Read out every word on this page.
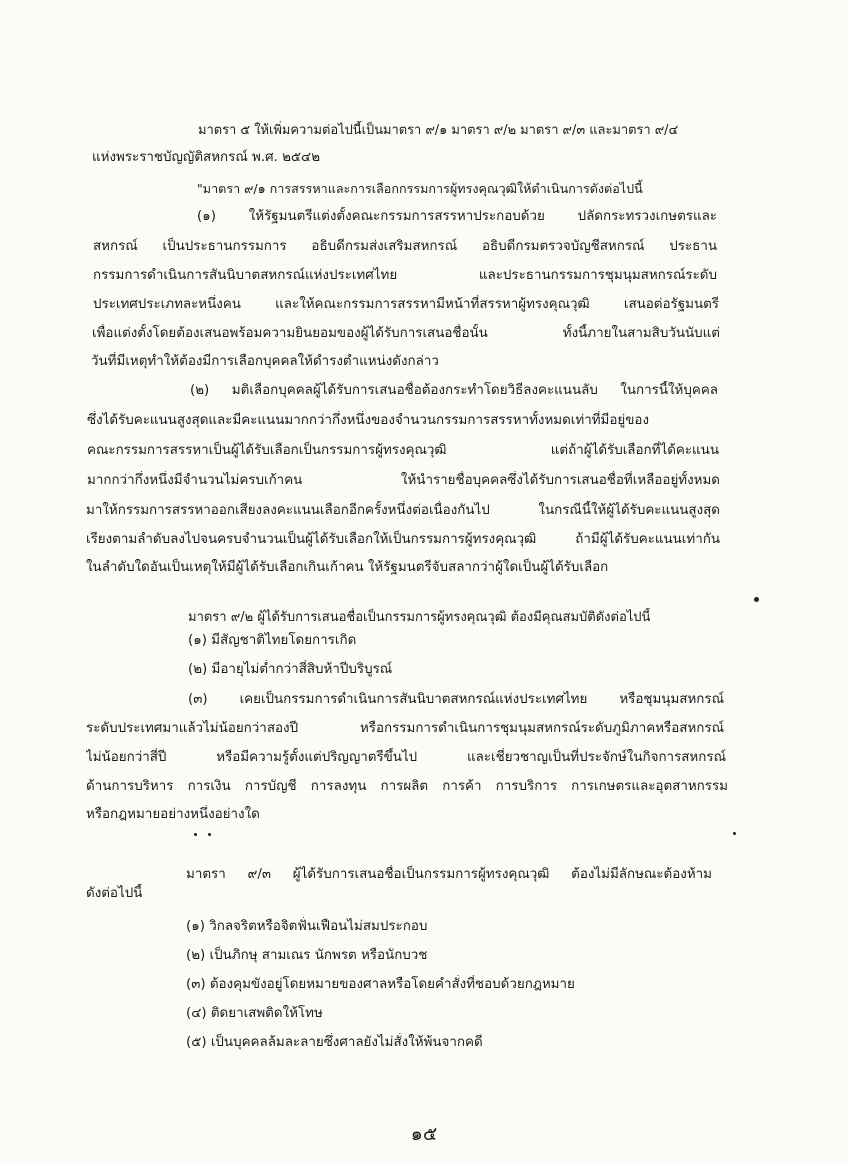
มาตรา ๕ ให้เพิ่มความต่อไปนี้เป็นมาตรา ๙/๑ มาตรา ๙/๒ มาตรา ๙/๓ และมาตรา ๙/๔
แห่งพระราชบัญญัติสหกรณ์ พ.ศ. ๒๕๔๒
"มาตรา ๙/๑ การสรรหาและการเลือกกรรมการผู้ทรงคุณวุฒิให้ดำเนินการดังต่อไปนี้
(๑) ให้รัฐมนตรีแต่งตั้งคณะกรรมการสรรหาประกอบด้วย ปลัดกระทรวงเกษตรและ
สหกรณ์ เป็นประธานกรรมการ อธิบดีกรมส่งเสริมสหกรณ์ อธิบดีกรมตรวจบัญชีสหกรณ์ ประธาน
กรรมการดำเนินการสันนิบาตสหกรณ์แห่งประเทศไทย และประธานกรรมการชุมนุมสหกรณ์ระดับ
ประเทศประเภทละหนึ่งคน และให้คณะกรรมการสรรหามีหน้าที่สรรหาผู้ทรงคุณวุฒิ เสนอต่อรัฐมนตรี
เพื่อแต่งตั้งโดยต้องเสนอพร้อมความยินยอมของผู้ได้รับการเสนอชื่อนั้น ทั้งนี้ภายในสามสิบวันนับแต่
วันที่มีเหตุทำให้ต้องมีการเลือกบุคคลให้ดำรงตำแหน่งดังกล่าว
(๒) มติเลือกบุคคลผู้ได้รับการเสนอชื่อต้องกระทำโดยวิธีลงคะแนนลับ ในการนี้ให้บุคคล
ซึ่งได้รับคะแนนสูงสุดและมีคะแนนมากกว่ากึ่งหนึ่งของจำนวนกรรมการสรรหาทั้งหมดเท่าที่มีอยู่ของ
คณะกรรมการสรรหาเป็นผู้ได้รับเลือกเป็นกรรมการผู้ทรงคุณวุฒิ แต่ถ้าผู้ได้รับเลือกที่ได้คะแนน
มากกว่ากึ่งหนึ่งมีจำนวนไม่ครบเก้าคน ให้นำรายชื่อบุคคลซึ่งได้รับการเสนอชื่อที่เหลืออยู่ทั้งหมด
มาให้กรรมการสรรหาออกเสียงลงคะแนนเลือกอีกครั้งหนึ่งต่อเนื่องกันไป ในกรณีนี้ให้ผู้ได้รับคะแนนสูงสุด
เรียงตามลำดับลงไปจนครบจำนวนเป็นผู้ได้รับเลือกให้เป็นกรรมการผู้ทรงคุณวุฒิ ถ้ามีผู้ได้รับคะแนนเท่ากัน
ในลำดับใดอันเป็นเหตุให้มีผู้ได้รับเลือกเกินเก้าคน ให้รัฐมนตรีจับสลากว่าผู้ใดเป็นผู้ได้รับเลือก
มาตรา ๙/๒ ผู้ได้รับการเสนอชื่อเป็นกรรมการผู้ทรงคุณวุฒิ ต้องมีคุณสมบัติดังต่อไปนี้
(๑) มีสัญชาติไทยโดยการเกิด
(๒) มีอายุไม่ต่ำกว่าสี่สิบห้าปีบริบูรณ์
(๓) เคยเป็นกรรมการดำเนินการสันนิบาตสหกรณ์แห่งประเทศไทย หรือชุมนุมสหกรณ์
ระดับประเทศมาแล้วไม่น้อยกว่าสองปี หรือกรรมการดำเนินการชุมนุมสหกรณ์ระดับภูมิภาคหรือสหกรณ์
ไม่น้อยกว่าสี่ปี หรือมีความรู้ตั้งแต่ปริญญาตรีขึ้นไป และเชี่ยวชาญเป็นที่ประจักษ์ในกิจการสหกรณ์
ด้านการบริหาร การเงิน การบัญชี การลงทุน การผลิต การค้า การบริการ การเกษตรและอุตสาหกรรม
หรือกฎหมายอย่างหนึ่งอย่างใด
มาตรา ๙/๓ ผู้ได้รับการเสนอชื่อเป็นกรรมการผู้ทรงคุณวุฒิ ต้องไม่มีลักษณะต้องห้าม
ดังต่อไปนี้
(๑) วิกลจริตหรือจิตฟั่นเฟือนไม่สมประกอบ
(๒) เป็นภิกษุ สามเณร นักพรต หรือนักบวช
(๓) ต้องคุมขังอยู่โดยหมายของศาลหรือโดยคำสั่งที่ชอบด้วยกฎหมาย
(๔) ติดยาเสพติดให้โทษ
(๕) เป็นบุคคลล้มละลายซึ่งศาลยังไม่สั่งให้พ้นจากคดี
๑๕
